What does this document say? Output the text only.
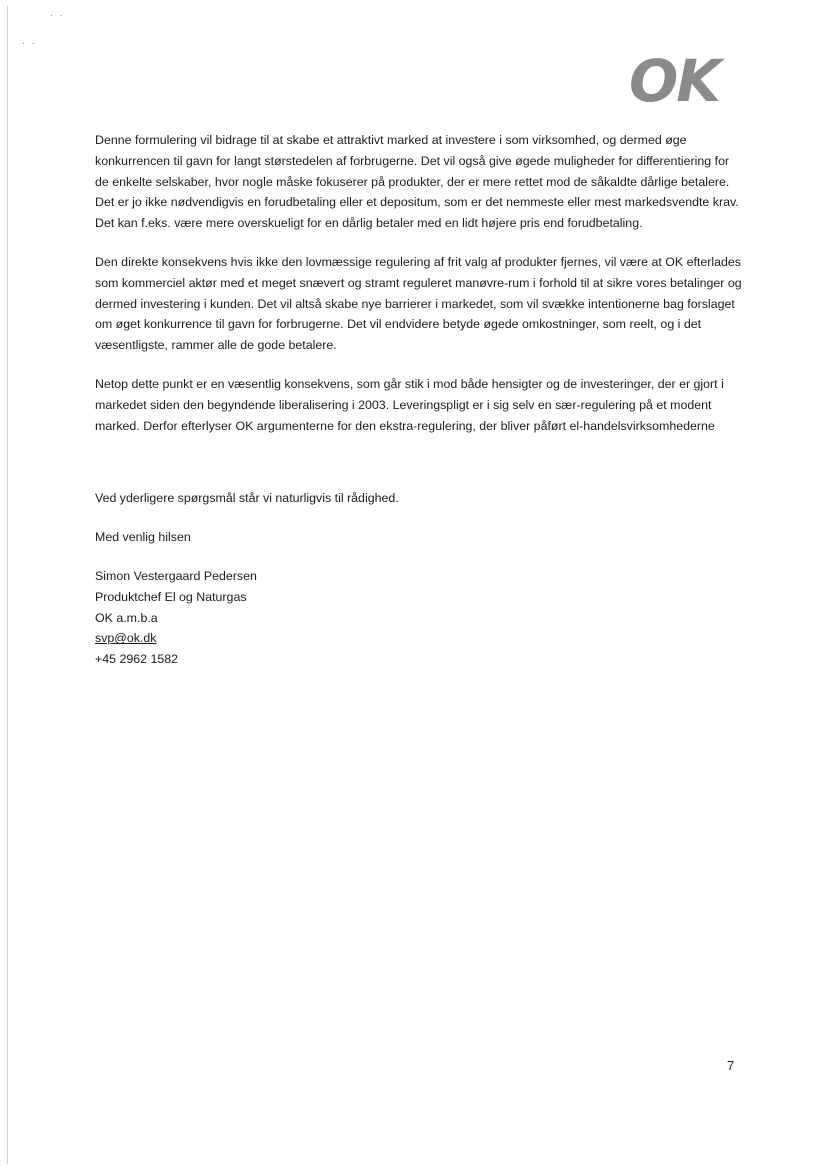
· ·
· ·
OK

Denne formulering vil bidrage til at skabe et attraktivt marked at investere i som virksomhed, og dermed øge konkurrencen til gavn for langt størstedelen af forbrugerne. Det vil også give øgede muligheder for differentiering for de enkelte selskaber, hvor nogle måske fokuserer på produkter, der er mere rettet mod de såkaldte dårlige betalere. Det er jo ikke nødvendigvis en forudbetaling eller et depositum, som er det nemmeste eller mest markedsvendte krav. Det kan f.eks. være mere overskueligt for en dårlig betaler med en lidt højere pris end forudbetaling.

Den direkte konsekvens hvis ikke den lovmæssige regulering af frit valg af produkter fjernes, vil være at OK efterlades som kommerciel aktør med et meget snævert og stramt reguleret manøvre-rum i forhold til at sikre vores betalinger og dermed investering i kunden. Det vil altså skabe nye barrierer i markedet, som vil svække intentionerne bag forslaget om øget konkurrence til gavn for forbrugerne. Det vil endvidere betyde øgede omkostninger, som reelt, og i det væsentligste, rammer alle de gode betalere.

Netop dette punkt er en væsentlig konsekvens, som går stik i mod både hensigter og de investeringer, der er gjort i markedet siden den begyndende liberalisering i 2003. Leveringspligt er i sig selv en sær-regulering på et modent marked. Derfor efterlyser OK argumenterne for den ekstra-regulering, der bliver påført el-handelsvirksomhederne

Ved yderligere spørgsmål står vi naturligvis til rådighed.

Med venlig hilsen

Simon Vestergaard Pedersen

Produktchef El og Naturgas

OK a.m.b.a

svp@ok.dk

+45 2962 1582

7
